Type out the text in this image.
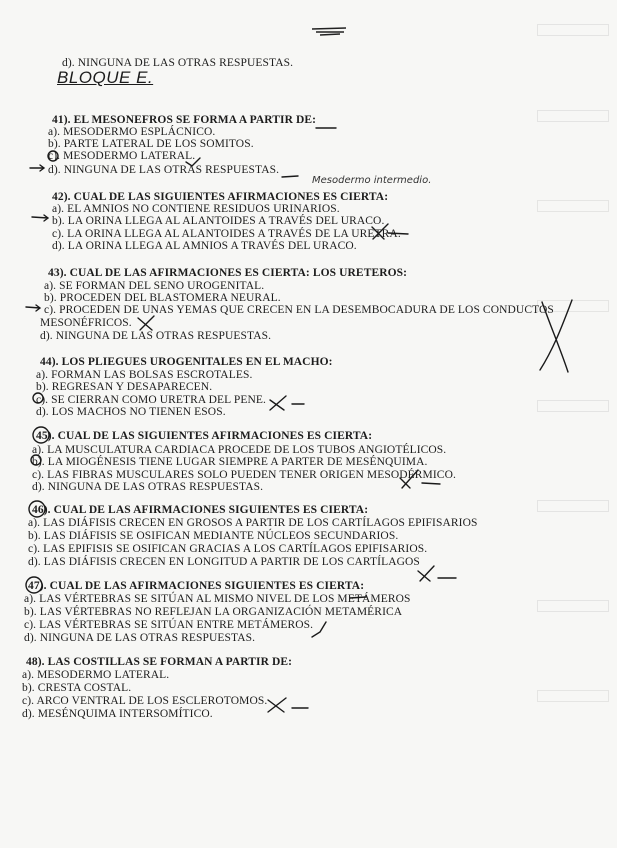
d). NINGUNA DE LAS OTRAS RESPUESTAS.
BLOQUE E.
41). EL MESONEFROS SE FORMA A PARTIR DE:
a). MESODERMO ESPLÁCNICO.
b). PARTE LATERAL DE LOS SOMITOS.
c). MESODERMO LATERAL.
d). NINGUNA DE LAS OTRAS RESPUESTAS.
Mesodermo intermedio.
42). CUAL DE LAS SIGUIENTES AFIRMACIONES ES CIERTA:
a). EL AMNIOS NO CONTIENE RESIDUOS URINARIOS.
b). LA ORINA LLEGA AL ALANTOIDES A TRAVÉS DEL URACO.
c). LA ORINA LLEGA AL ALANTOIDES A TRAVÉS DE LA URETRA.
d). LA ORINA LLEGA AL AMNIOS A TRAVÉS DEL URACO.
43). CUAL DE LAS AFIRMACIONES ES CIERTA: LOS URETEROS:
a). SE FORMAN DEL SENO UROGENITAL.
b). PROCEDEN DEL BLASTOMERA NEURAL.
c). PROCEDEN DE UNAS YEMAS QUE CRECEN EN LA DESEMBOCADURA DE LOS CONDUCTOS
MESONÉFRICOS.
d). NINGUNA DE LAS OTRAS RESPUESTAS.
44). LOS PLIEGUES UROGENITALES EN EL MACHO:
a). FORMAN LAS BOLSAS ESCROTALES.
b). REGRESAN Y DESAPARECEN.
c). SE CIERRAN COMO URETRA DEL PENE.
d). LOS MACHOS NO TIENEN ESOS.
45). CUAL DE LAS SIGUIENTES AFIRMACIONES ES CIERTA:
a). LA MUSCULATURA CARDIACA PROCEDE DE LOS TUBOS ANGIOTÉLICOS.
b). LA MIOGÉNESIS TIENE LUGAR SIEMPRE A PARTER DE MESÉNQUIMA.
c). LAS FIBRAS MUSCULARES SOLO PUEDEN TENER ORIGEN MESODÉRMICO.
d). NINGUNA DE LAS OTRAS RESPUESTAS.
46). CUAL DE LAS AFIRMACIONES SIGUIENTES ES CIERTA:
a). LAS DIÁFISIS CRECEN EN GROSOS A PARTIR DE LOS CARTÍLAGOS EPIFISARIOS
b). LAS DIÁFISIS SE OSIFICAN MEDIANTE NÚCLEOS SECUNDARIOS.
c). LAS EPIFISIS SE OSIFICAN GRACIAS A LOS CARTÍLAGOS EPIFISARIOS.
d). LAS DIÁFISIS CRECEN EN LONGITUD A PARTIR DE LOS CARTÍLAGOS
47). CUAL DE LAS AFIRMACIONES SIGUIENTES ES CIERTA:
a). LAS VÉRTEBRAS SE SITÚAN AL MISMO NIVEL DE LOS METÁMEROS
b). LAS VÉRTEBRAS NO REFLEJAN LA ORGANIZACIÓN METAMÉRICA
c). LAS VÉRTEBRAS SE SITÚAN ENTRE METÁMEROS.
d). NINGUNA DE LAS OTRAS RESPUESTAS.
48). LAS COSTILLAS SE FORMAN A PARTIR DE:
a). MESODERMO LATERAL.
b). CRESTA COSTAL.
c). ARCO VENTRAL DE LOS ESCLEROTOMOS.
d). MESÉNQUIMA INTERSOMÍTICO.
